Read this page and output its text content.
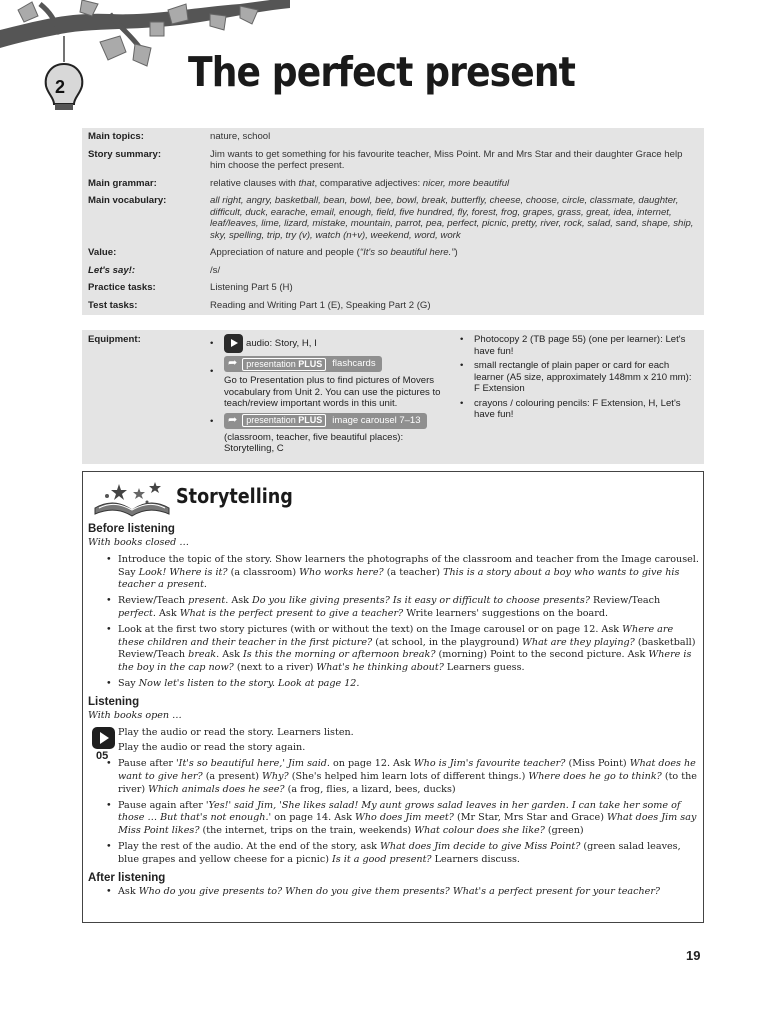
2	The perfect present
Main topics:	nature, school
Story summary:	Jim wants to get something for his favourite teacher, Miss Point. Mr and Mrs Star and their daughter Grace help him choose the perfect present.
Main grammar:	relative clauses with that, comparative adjectives: nicer, more beautiful
Main vocabulary:	all right, angry, basketball, bean, bowl, bee, bowl, break, butterfly, cheese, choose, circle, classmate, daughter, difficult, duck, earache, email, enough, field, five hundred, fly, forest, frog, grapes, grass, great, idea, internet, leaf/leaves, lime, lizard, mistake, mountain, parrot, pea, perfect, picnic, pretty, river, rock, salad, sand, shape, ship, sky, spelling, trip, try (v), watch (n+v), weekend, word, work
Value:	Appreciation of nature and people (“It's so beautiful here.”)
Let's say!:	/s/
Practice tasks:	Listening Part 5 (H)
Test tasks:	Reading and Writing Part 1 (E), Speaking Part 2 (G)
Equipment:	•	audio: Story, H, I
•
➦	presentation PLUS	flashcards
Go to Presentation plus to find pictures of Movers vocabulary from Unit 2. You can use the pictures to teach/review important words in this unit.
•	➦	presentation PLUS	image carousel 7–13
(classroom, teacher, five beautiful places): Storytelling, C
•	Photocopy 2 (TB page 55) (one per learner): Let's have fun!
•	small rectangle of plain paper or card for each learner (A5 size, approximately 148mm x 210 mm): F Extension
•	crayons / colouring pencils: F Extension, H, Let's have fun!
Storytelling
Before listening
With books closed …
• Introduce the topic of the story. Show learners the photographs of the classroom and teacher from the Image carousel. Say Look! Where is it? (a classroom) Who works here? (a teacher) This is a story about a boy who wants to give his teacher a present.
• Review/Teach present. Ask Do you like giving presents? Is it easy or difficult to choose presents? Review/Teach perfect. Ask What is the perfect present to give a teacher? Write learners' suggestions on the board.
• Look at the first two story pictures (with or without the text) on the Image carousel or on page 12. Ask Where are these children and their teacher in the first picture? (at school, in the playground) What are they playing? (basketball) Review/Teach break. Ask Is this the morning or afternoon break? (morning) Point to the second picture. Ask Where is the boy in the cap now? (next to a river) What's he thinking about? Learners guess.
• Say Now let's listen to the story. Look at page 12.
Listening
With books open …
05
Play the audio or read the story. Learners listen.
Play the audio or read the story again.
• Pause after 'It's so beautiful here,' Jim said. on page 12. Ask Who is Jim's favourite teacher? (Miss Point) What does he want to give her? (a present) Why? (She's helped him learn lots of different things.) Where does he go to think? (to the river) Which animals does he see? (a frog, flies, a lizard, bees, ducks)
• Pause again after 'Yes!' said Jim, 'She likes salad! My aunt grows salad leaves in her garden. I can take her some of those … But that's not enough.' on page 14. Ask Who does Jim meet? (Mr Star, Mrs Star and Grace) What does Jim say Miss Point likes? (the internet, trips on the train, weekends) What colour does she like? (green)
• Play the rest of the audio. At the end of the story, ask What does Jim decide to give Miss Point? (green salad leaves, blue grapes and yellow cheese for a picnic) Is it a good present? Learners discuss.
After listening
• Ask Who do you give presents to? When do you give them presents? What's a perfect present for your teacher?
19
